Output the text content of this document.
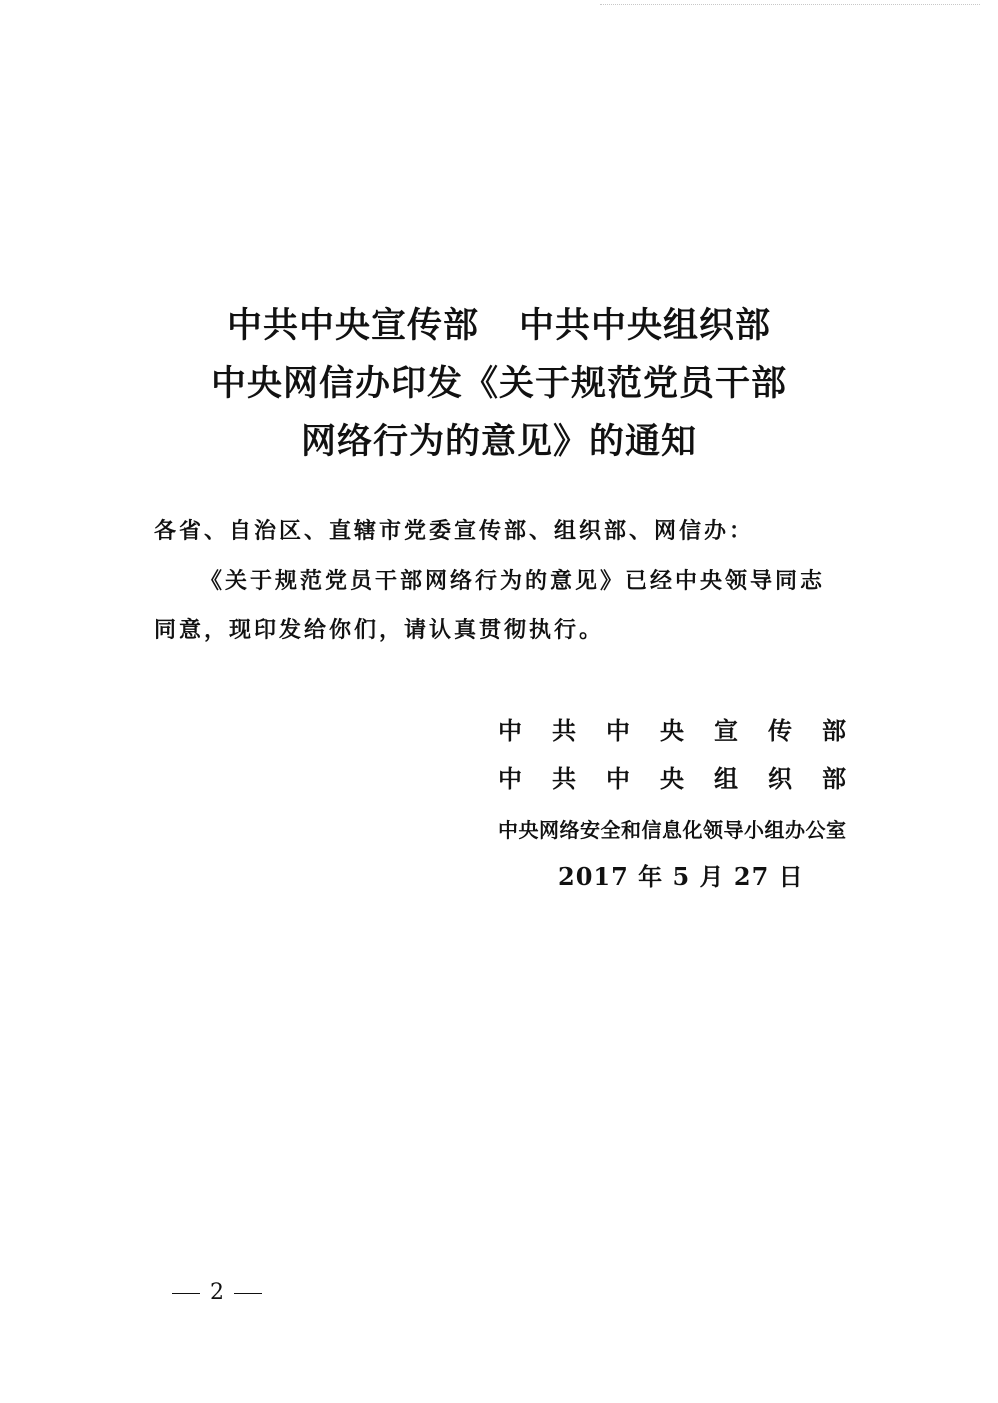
中共中央宣传部 中共中央组织部
中央网信办印发《关于规范党员干部
网络行为的意见》的通知
各省、自治区、直辖市党委宣传部、组织部、网信办：
《关于规范党员干部网络行为的意见》已经中央领导同志
同意，现印发给你们，请认真贯彻执行。
中共中央宣传部
中共中央组织部
中央网络安全和信息化领导小组办公室
2017 年 5 月 27 日
2
